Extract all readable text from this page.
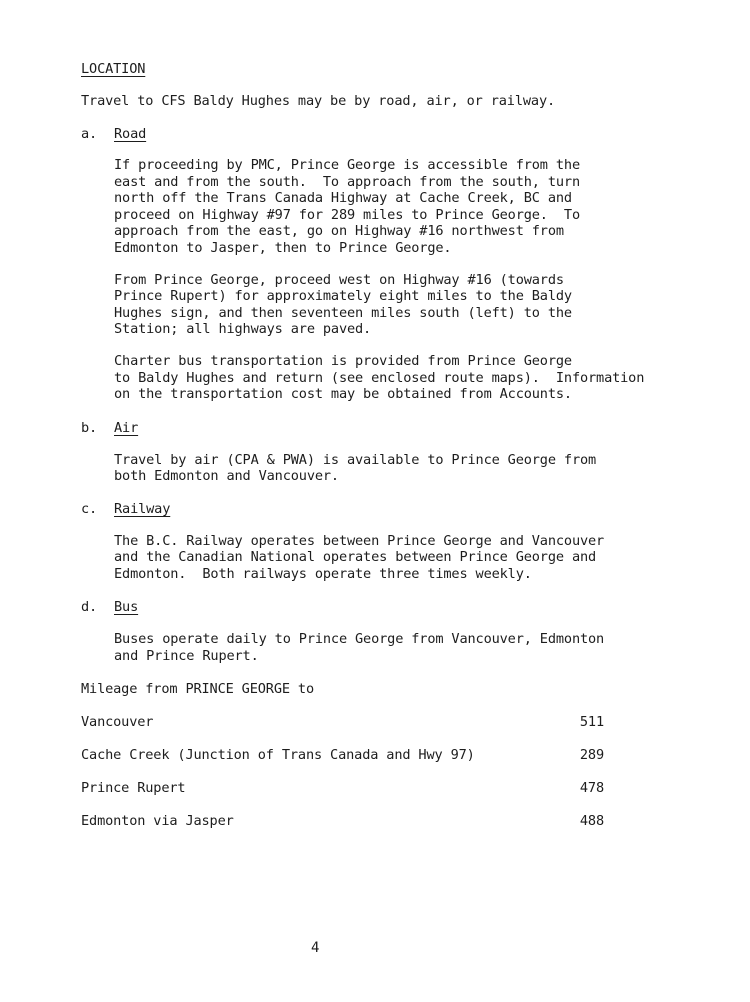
LOCATION
Travel to CFS Baldy Hughes may be by road, air, or railway.
a. Road
If proceeding by PMC, Prince George is accessible from the
east and from the south.  To approach from the south, turn
north off the Trans Canada Highway at Cache Creek, BC and
proceed on Highway #97 for 289 miles to Prince George.  To
approach from the east, go on Highway #16 northwest from
Edmonton to Jasper, then to Prince George.
From Prince George, proceed west on Highway #16 (towards
Prince Rupert) for approximately eight miles to the Baldy
Hughes sign, and then seventeen miles south (left) to the
Station; all highways are paved.
Charter bus transportation is provided from Prince George
to Baldy Hughes and return (see enclosed route maps).  Information
on the transportation cost may be obtained from Accounts.
b. Air
Travel by air (CPA & PWA) is available to Prince George from
both Edmonton and Vancouver.
c. Railway
The B.C. Railway operates between Prince George and Vancouver
and the Canadian National operates between Prince George and
Edmonton.  Both railways operate three times weekly.
d. Bus
Buses operate daily to Prince George from Vancouver, Edmonton
and Prince Rupert.
Mileage from PRINCE GEORGE to
Vancouver	511
Cache Creek (Junction of Trans Canada and Hwy 97)	289
Prince Rupert	478
Edmonton via Jasper	488
4
